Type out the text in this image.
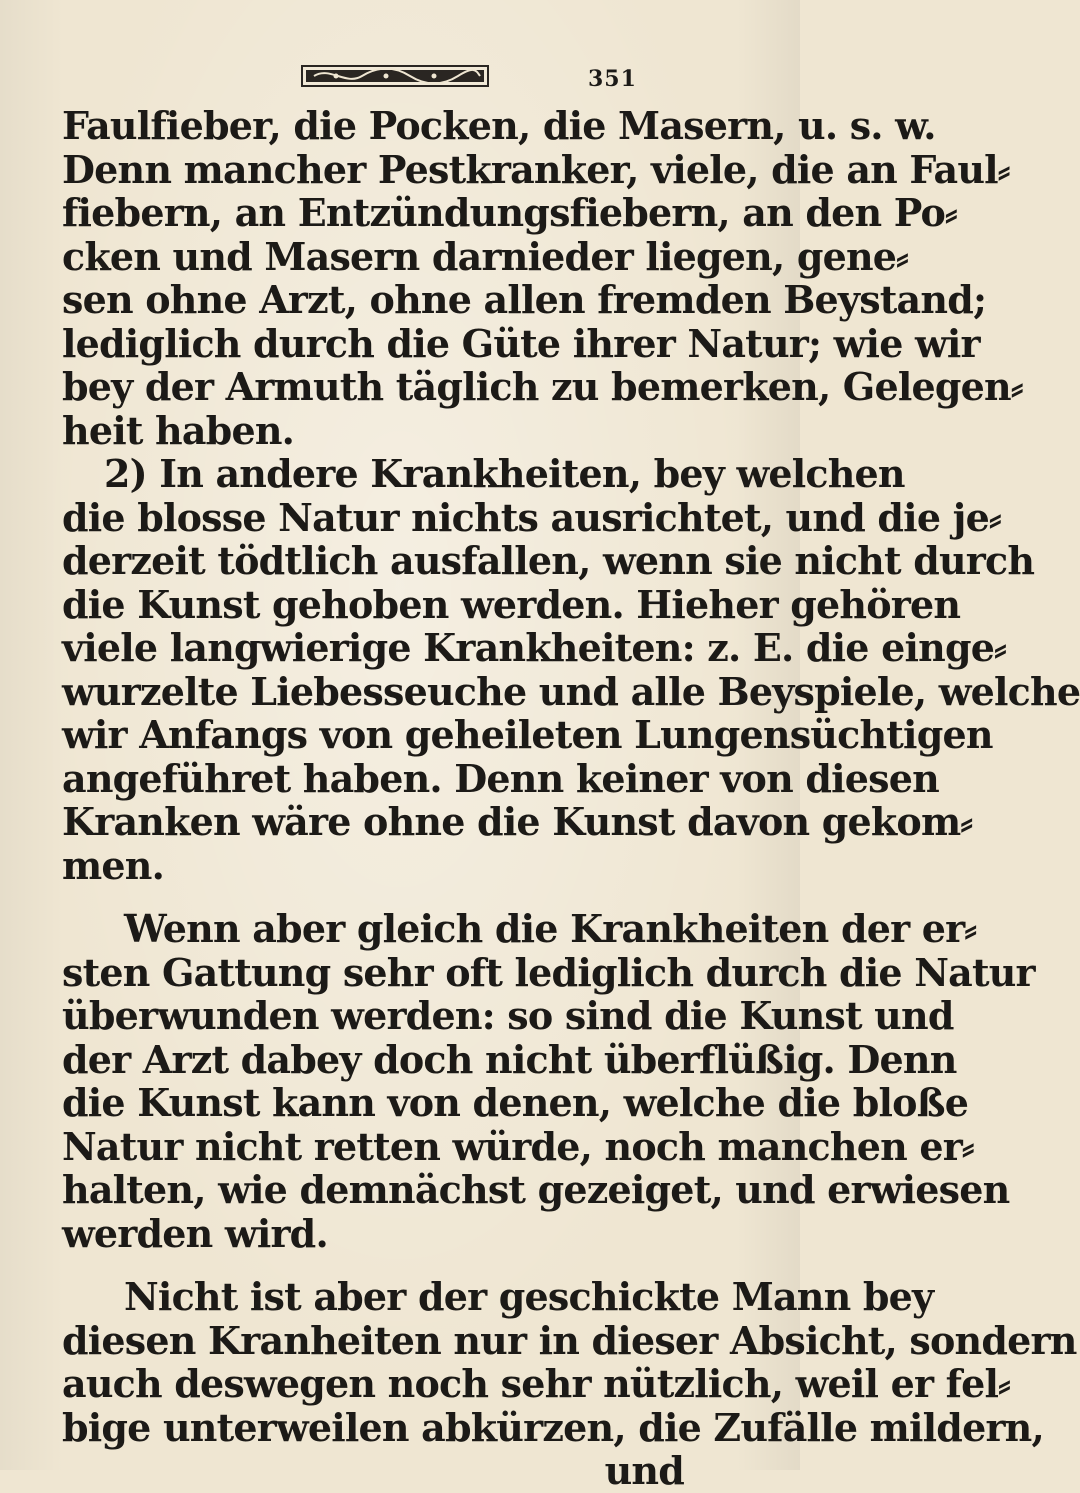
351
Faulfieber, die Pocken, die Masern, u. s. w.
Denn mancher Pestkranker, viele, die an Faul⸗
fiebern, an Entzündungsfiebern, an den Po⸗
cken und Masern darnieder liegen, gene⸗
sen ohne Arzt, ohne allen fremden Beystand;
lediglich durch die Güte ihrer Natur; wie wir
bey der Armuth täglich zu bemerken, Gelegen⸗
heit haben.
2) In andere Krankheiten, bey welchen
die blosse Natur nichts ausrichtet, und die je⸗
derzeit tödtlich ausfallen, wenn sie nicht durch
die Kunst gehoben werden. Hieher gehören
viele langwierige Krankheiten: z. E. die einge⸗
wurzelte Liebesseuche und alle Beyspiele, welche
wir Anfangs von geheileten Lungensüchtigen
angeführet haben. Denn keiner von diesen
Kranken wäre ohne die Kunst davon gekom⸗
men.
Wenn aber gleich die Krankheiten der er⸗
sten Gattung sehr oft lediglich durch die Natur
überwunden werden: so sind die Kunst und
der Arzt dabey doch nicht überflüßig. Denn
die Kunst kann von denen, welche die bloße
Natur nicht retten würde, noch manchen er⸗
halten, wie demnächst gezeiget, und erwiesen
werden wird.
Nicht ist aber der geschickte Mann bey
diesen Kranheiten nur in dieser Absicht, sondern
auch deswegen noch sehr nützlich, weil er fel⸗
bige unterweilen abkürzen, die Zufälle mildern,
und
